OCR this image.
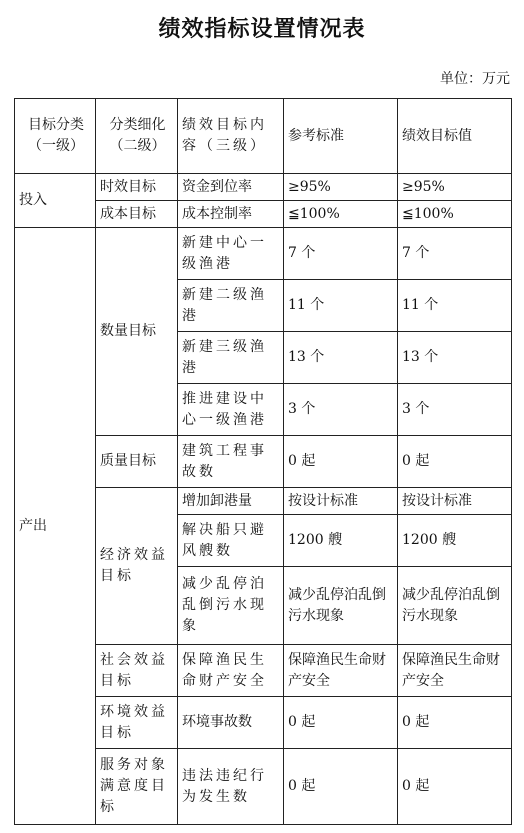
绩效指标设置情况表
单位：万元
目标分类（一级）	分类细化（二级）	绩效目标内容（三级）	参考标准	绩效目标值
投入	时效目标	资金到位率	≥95%	≥95%
	成本目标	成本控制率	≦100%	≦100%
产出	数量目标	新建中心一级渔港	7 个	7 个
		新建二级渔港	11 个	11 个
		新建三级渔港	13 个	13 个
		推进建设中心一级渔港	3 个	3 个
	质量目标	建筑工程事故数	0 起	0 起
	经济效益目标	增加卸港量	按设计标准	按设计标准
		解决船只避风艘数	1200 艘	1200 艘
		减少乱停泊乱倒污水现象	减少乱停泊乱倒污水现象	减少乱停泊乱倒污水现象
	社会效益目标	保障渔民生命财产安全	保障渔民生命财产安全	保障渔民生命财产安全
	环境效益目标	环境事故数	0 起	0 起
	服务对象满意度目标	违法违纪行为发生数	0 起	0 起
